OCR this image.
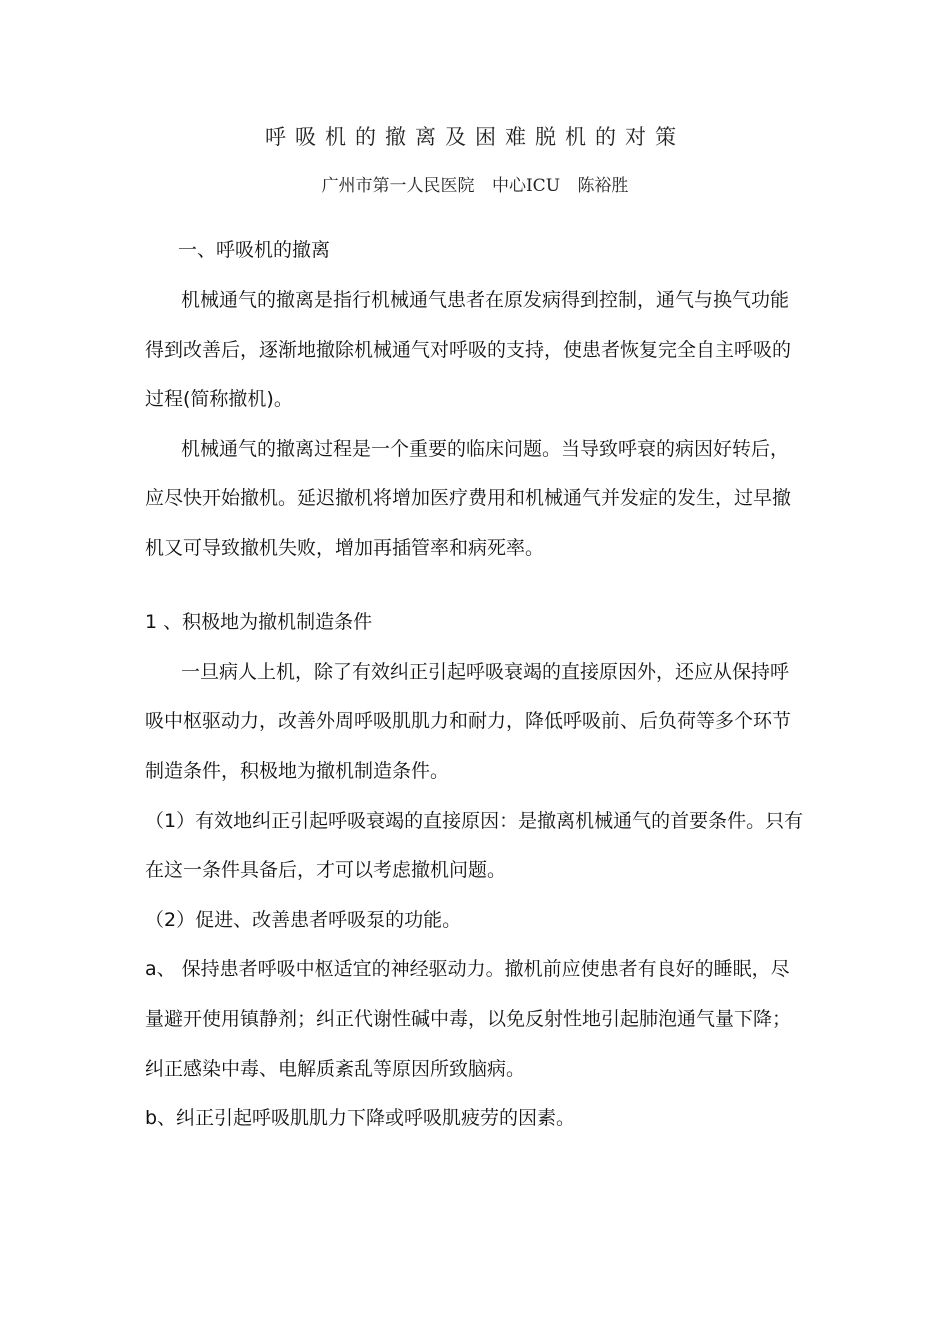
呼吸机的撤离及困难脱机的对策
广州市第一人民医院 中心ICU 陈裕胜
一、呼吸机的撤离
机械通气的撤离是指行机械通气患者在原发病得到控制，通气与换气功能
得到改善后，逐渐地撤除机械通气对呼吸的支持，使患者恢复完全自主呼吸的
过程(简称撤机)。
机械通气的撤离过程是一个重要的临床问题。当导致呼衰的病因好转后，
应尽快开始撤机。延迟撤机将增加医疗费用和机械通气并发症的发生，过早撤
机又可导致撤机失败，增加再插管率和病死率。
1 、积极地为撤机制造条件
一旦病人上机，除了有效纠正引起呼吸衰竭的直接原因外，还应从保持呼
吸中枢驱动力，改善外周呼吸肌肌力和耐力，降低呼吸前、后负荷等多个环节
制造条件，积极地为撤机制造条件。
（1）有效地纠正引起呼吸衰竭的直接原因：是撤离机械通气的首要条件。只有
在这一条件具备后，才可以考虑撤机问题。
（2）促进、改善患者呼吸泵的功能。
a、 保持患者呼吸中枢适宜的神经驱动力。撤机前应使患者有良好的睡眠，尽
量避开使用镇静剂；纠正代谢性碱中毒，以免反射性地引起肺泡通气量下降；
纠正感染中毒、电解质紊乱等原因所致脑病。
b、纠正引起呼吸肌肌力下降或呼吸肌疲劳的因素。
